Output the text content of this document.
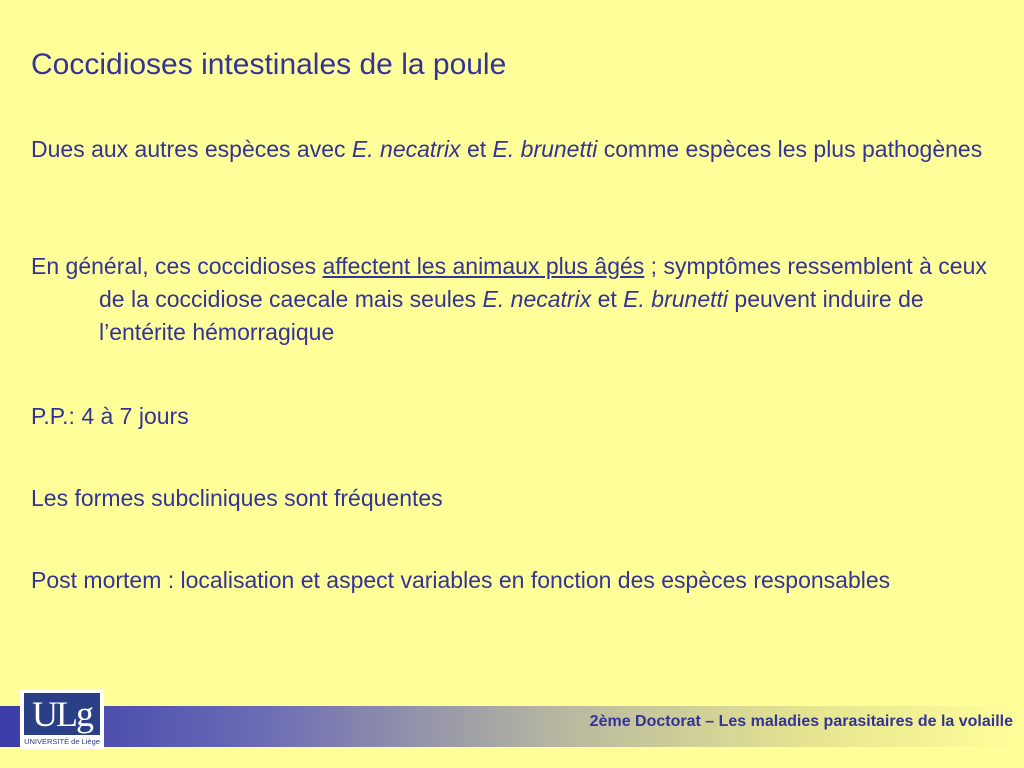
Coccidioses intestinales de la poule
Dues aux autres espèces avec E. necatrix et E. brunetti comme espèces les plus pathogènes
En général, ces coccidioses affectent les animaux plus âgés ; symptômes ressemblent à ceux de la coccidiose caecale mais seules E. necatrix et E. brunetti peuvent induire de l’entérite hémorragique
P.P.: 4 à 7 jours
Les formes subcliniques sont fréquentes
Post mortem : localisation et aspect variables en fonction des espèces responsables
2ème Doctorat – Les maladies parasitaires de la volaille
ULg
UNIVERSITÉ de Liège
